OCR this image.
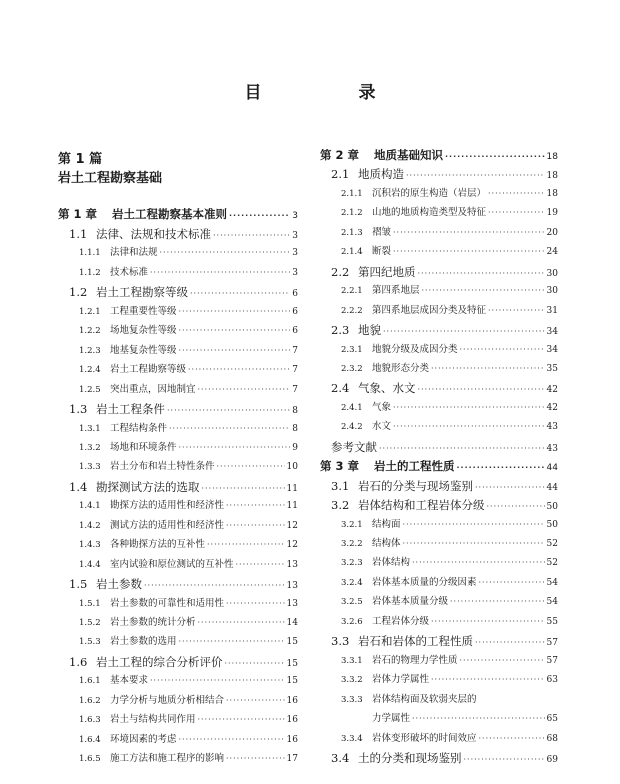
目　录
第 1 篇
岩土工程勘察基础
第 1 章	岩土工程勘察基本准则 ·····	3
1.1 法律、法规和技术标准 ·····	3
1.1.1 法律和法规 ·····	3
1.1.2 技术标准 ·····	3
1.2 岩土工程勘察等级 ·····	6
1.2.1 工程重要性等级 ·····	6
1.2.2 场地复杂性等级 ·····	6
1.2.3 地基复杂性等级 ·····	7
1.2.4 岩土工程勘察等级 ·····	7
1.2.5 突出重点，因地制宜 ·····	7
1.3 岩土工程条件 ·····	8
1.3.1 工程结构条件 ·····	8
1.3.2 场地和环境条件 ·····	9
1.3.3 岩土分布和岩土特性条件 ·····	10
1.4 勘探测试方法的选取 ·····	11
1.4.1 勘探方法的适用性和经济性 ·····	11
1.4.2 测试方法的适用性和经济性 ·····	12
1.4.3 各种勘探方法的互补性 ·····	12
1.4.4 室内试验和原位测试的互补性 ·····	13
1.5 岩土参数 ·····	13
1.5.1 岩土参数的可靠性和适用性 ·····	13
1.5.2 岩土参数的统计分析 ·····	14
1.5.3 岩土参数的选用 ·····	15
1.6 岩土工程的综合分析评价 ·····	15
1.6.1 基本要求 ·····	15
1.6.2 力学分析与地质分析相结合 ·····	16
1.6.3 岩土与结构共同作用 ·····	16
1.6.4 环境因素的考虑 ·····	16
1.6.5 施工方法和施工程序的影响 ·····	17
第 2 章	地质基础知识 ·····	18
2.1 地质构造 ·····	18
2.1.1 沉积岩的原生构造（岩层） ·····	18
2.1.2 山地的地质构造类型及特征 ·····	19
2.1.3 褶皱 ·····	20
2.1.4 断裂 ·····	24
2.2 第四纪地质 ·····	30
2.2.1 第四系地层 ·····	30
2.2.2 第四系地层成因分类及特征 ·····	31
2.3 地貌 ·····	34
2.3.1 地貌分级及成因分类 ·····	34
2.3.2 地貌形态分类 ·····	35
2.4 气象、水文 ·····	42
2.4.1 气象 ·····	42
2.4.2 水文 ·····	43
参考文献 ·····	43
第 3 章	岩土的工程性质 ·····	44
3.1 岩石的分类与现场鉴别 ·····	44
3.2 岩体结构和工程岩体分级 ·····	50
3.2.1 结构面 ·····	50
3.2.2 结构体 ·····	52
3.2.3 岩体结构 ·····	52
3.2.4 岩体基本质量的分级因素 ·····	54
3.2.5 岩体基本质量分级 ·····	54
3.2.6 工程岩体分级 ·····	55
3.3 岩石和岩体的工程性质 ·····	57
3.3.1 岩石的物理力学性质 ·····	57
3.3.2 岩体力学属性 ·····	63
3.3.3 岩体结构面及软弱夹层的
力学属性 ·····	65
3.3.4 岩体变形破坏的时间效应 ·····	68
3.4 土的分类和现场鉴别 ·····	69
